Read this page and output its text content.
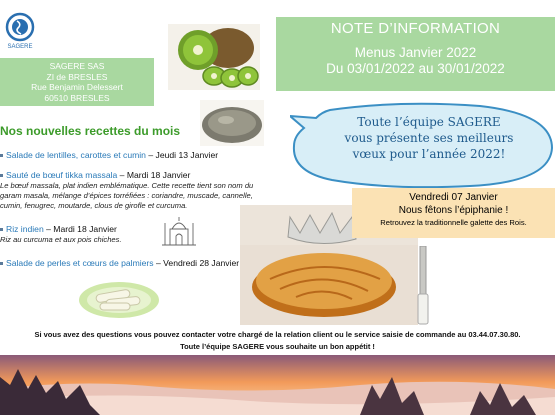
SAGERE
SAGERE SAS
ZI de BRESLES
Rue Benjamin Delessert
60510 BRESLES
NOTE D’INFORMATION
Menus Janvier 2022
Du 03/01/2022 au 30/01/2022
Nos nouvelles recettes du mois
Salade de lentilles, carottes et cumin – Jeudi 13 Janvier
Sauté de bœuf tikka massala – Mardi 18 Janvier
Le bœuf massala, plat indien emblématique. Cette recette tient son nom du
garam masala, mélange d’épices torréfiées : coriandre, muscade, cannelle,
cumin, fenugrec, moutarde, clous de girofle et curcuma.
Riz indien – Mardi 18 Janvier
Riz au curcuma et aux pois chiches.
Salade de perles et cœurs de palmiers – Vendredi 28 Janvier
Toute l’équipe SAGERE
vous présente ses meilleurs
vœux pour l’année 2022!
Vendredi 07 Janvier
Nous fêtons l’épiphanie !
Retrouvez la traditionnelle galette des Rois.
Si vous avez des questions vous pouvez contacter votre chargé de la relation client ou le service saisie de commande au 03.44.07.30.80.
Toute l’équipe SAGERE vous souhaite un bon appétit !
